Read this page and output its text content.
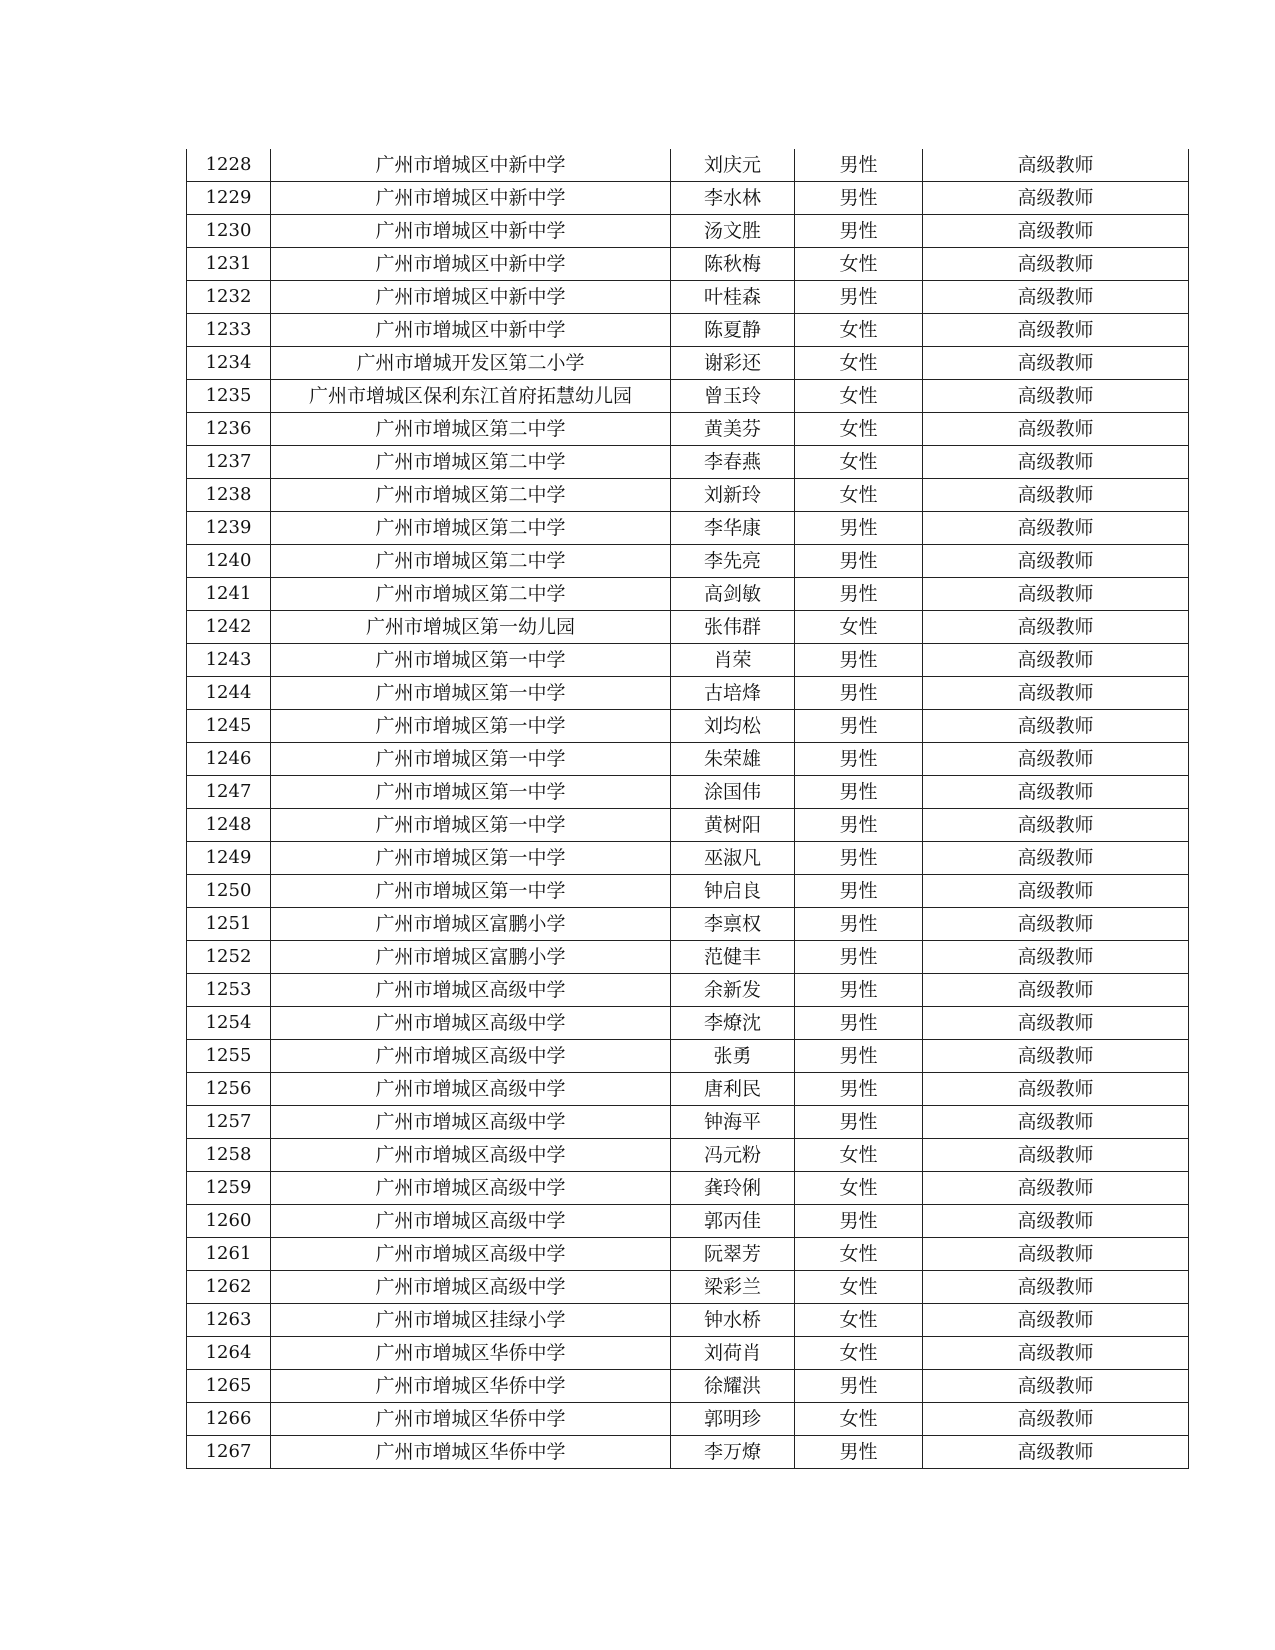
1228	广州市增城区中新中学	刘庆元	男性	高级教师
1229	广州市增城区中新中学	李水林	男性	高级教师
1230	广州市增城区中新中学	汤文胜	男性	高级教师
1231	广州市增城区中新中学	陈秋梅	女性	高级教师
1232	广州市增城区中新中学	叶桂森	男性	高级教师
1233	广州市增城区中新中学	陈夏静	女性	高级教师
1234	广州市增城开发区第二小学	谢彩还	女性	高级教师
1235	广州市增城区保利东江首府拓慧幼儿园	曾玉玲	女性	高级教师
1236	广州市增城区第二中学	黄美芬	女性	高级教师
1237	广州市增城区第二中学	李春燕	女性	高级教师
1238	广州市增城区第二中学	刘新玲	女性	高级教师
1239	广州市增城区第二中学	李华康	男性	高级教师
1240	广州市增城区第二中学	李先亮	男性	高级教师
1241	广州市增城区第二中学	高剑敏	男性	高级教师
1242	广州市增城区第一幼儿园	张伟群	女性	高级教师
1243	广州市增城区第一中学	肖荣	男性	高级教师
1244	广州市增城区第一中学	古培烽	男性	高级教师
1245	广州市增城区第一中学	刘均松	男性	高级教师
1246	广州市增城区第一中学	朱荣雄	男性	高级教师
1247	广州市增城区第一中学	涂国伟	男性	高级教师
1248	广州市增城区第一中学	黄树阳	男性	高级教师
1249	广州市增城区第一中学	巫淑凡	男性	高级教师
1250	广州市增城区第一中学	钟启良	男性	高级教师
1251	广州市增城区富鹏小学	李禀权	男性	高级教师
1252	广州市增城区富鹏小学	范健丰	男性	高级教师
1253	广州市增城区高级中学	余新发	男性	高级教师
1254	广州市增城区高级中学	李燎沈	男性	高级教师
1255	广州市增城区高级中学	张勇	男性	高级教师
1256	广州市增城区高级中学	唐利民	男性	高级教师
1257	广州市增城区高级中学	钟海平	男性	高级教师
1258	广州市增城区高级中学	冯元粉	女性	高级教师
1259	广州市增城区高级中学	龚玲俐	女性	高级教师
1260	广州市增城区高级中学	郭丙佳	男性	高级教师
1261	广州市增城区高级中学	阮翠芳	女性	高级教师
1262	广州市增城区高级中学	梁彩兰	女性	高级教师
1263	广州市增城区挂绿小学	钟水桥	女性	高级教师
1264	广州市增城区华侨中学	刘荷肖	女性	高级教师
1265	广州市增城区华侨中学	徐耀洪	男性	高级教师
1266	广州市增城区华侨中学	郭明珍	女性	高级教师
1267	广州市增城区华侨中学	李万燎	男性	高级教师
